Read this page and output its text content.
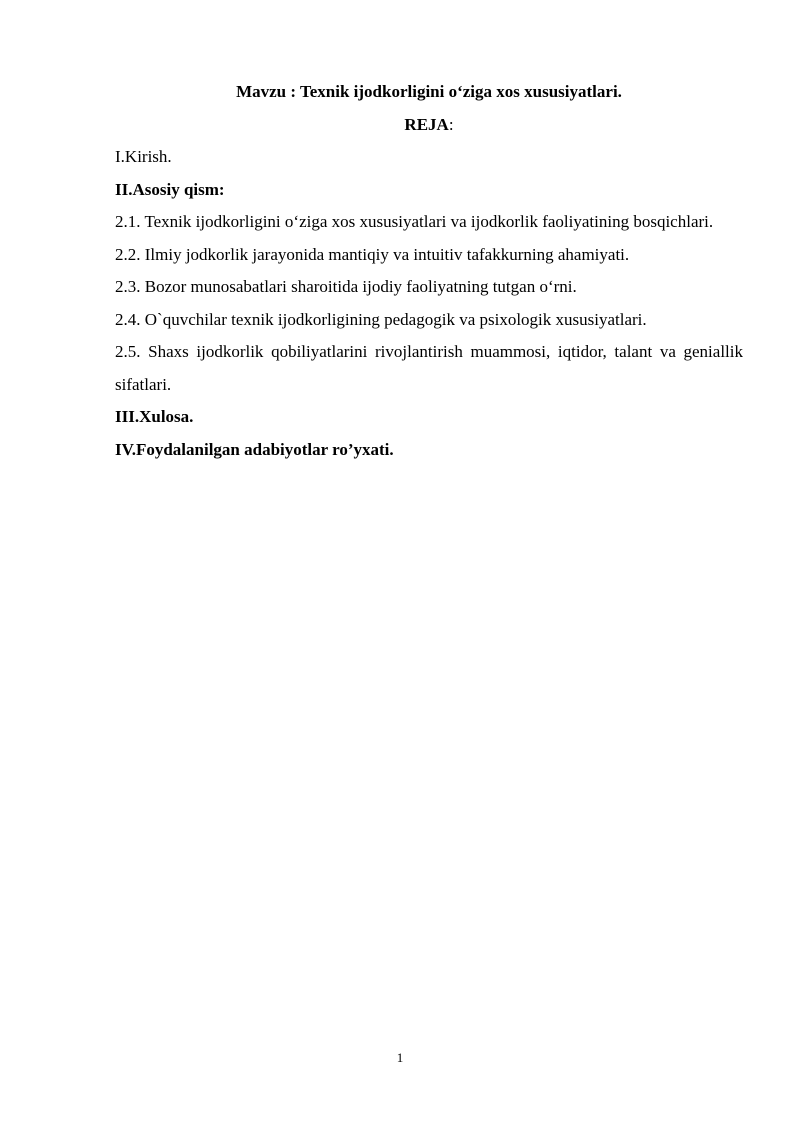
Mavzu : Texnik ijodkorligini o‘ziga xos xususiyatlari.

REJA:

I.Kirish.

II.Asosiy qism:

2.1. Texnik ijodkorligini o‘ziga xos xususiyatlari va ijodkorlik faoliyatining bosqichlari.

2.2. Ilmiy jodkorlik jarayonida mantiqiy va intuitiv tafakkurning ahamiyati.

2.3. Bozor munosabatlari sharoitida ijodiy faoliyatning tutgan o‘rni.

2.4. O`quvchilar texnik ijodkorligining pedagogik va psixologik xususiyatlari.

2.5. Shaxs ijodkorlik qobiliyatlarini rivojlantirish muammosi, iqtidor, talant va geniallik sifatlari.

III.Xulosa.

IV.Foydalanilgan adabiyotlar ro’yxati.

1
